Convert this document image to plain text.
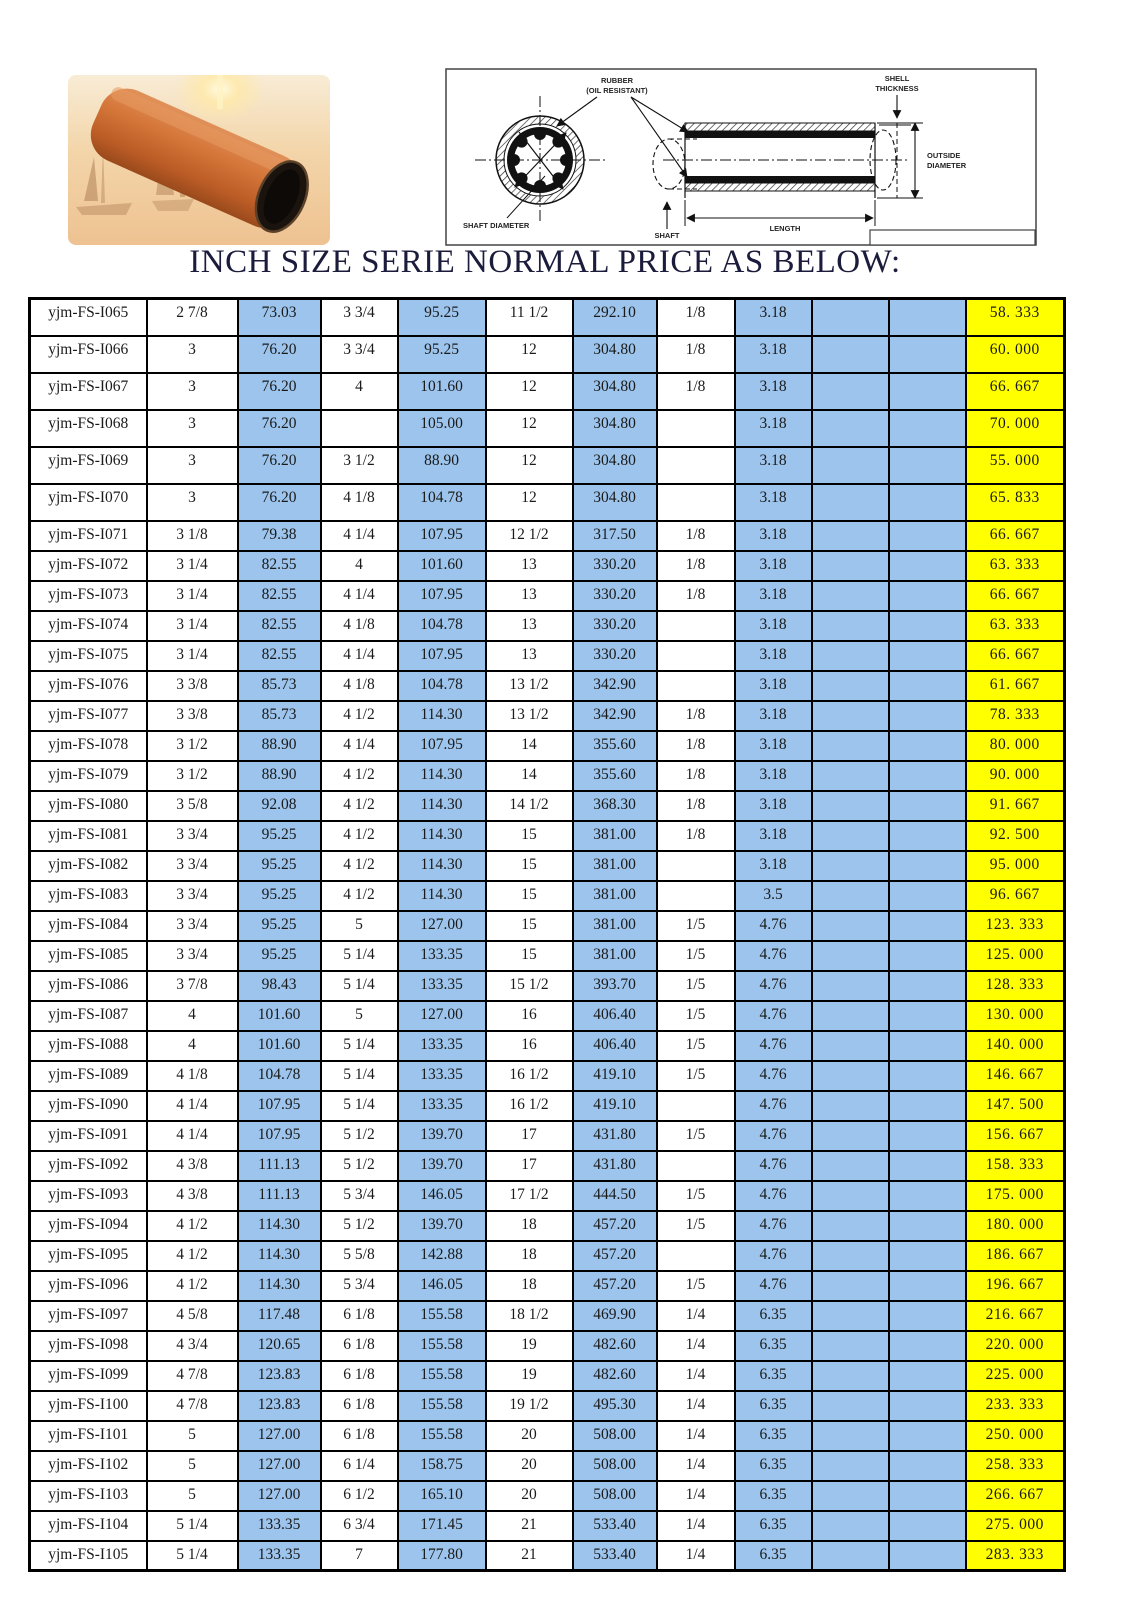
RUBBER
(OIL RESISTANT)
SHELL
THICKNESS
OUTSIDE
DIAMETER
LENGTH
SHAFT
SHAFT DIAMETER
INCH SIZE SERIE NORMAL PRICE AS BELOW:
yjm-FS-I065	2 7/8	73.03	3 3/4	95.25	11 1/2	292.10	1/8	3.18			58. 333
yjm-FS-I066	3	76.20	3 3/4	95.25	12	304.80	1/8	3.18			60. 000
yjm-FS-I067	3	76.20	4	101.60	12	304.80	1/8	3.18			66. 667
yjm-FS-I068	3	76.20		105.00	12	304.80		3.18			70. 000
yjm-FS-I069	3	76.20	3 1/2	88.90	12	304.80		3.18			55. 000
yjm-FS-I070	3	76.20	4 1/8	104.78	12	304.80		3.18			65. 833
yjm-FS-I071	3 1/8	79.38	4 1/4	107.95	12 1/2	317.50	1/8	3.18			66. 667
yjm-FS-I072	3 1/4	82.55	4	101.60	13	330.20	1/8	3.18			63. 333
yjm-FS-I073	3 1/4	82.55	4 1/4	107.95	13	330.20	1/8	3.18			66. 667
yjm-FS-I074	3 1/4	82.55	4 1/8	104.78	13	330.20		3.18			63. 333
yjm-FS-I075	3 1/4	82.55	4 1/4	107.95	13	330.20		3.18			66. 667
yjm-FS-I076	3 3/8	85.73	4 1/8	104.78	13 1/2	342.90		3.18			61. 667
yjm-FS-I077	3 3/8	85.73	4 1/2	114.30	13 1/2	342.90	1/8	3.18			78. 333
yjm-FS-I078	3 1/2	88.90	4 1/4	107.95	14	355.60	1/8	3.18			80. 000
yjm-FS-I079	3 1/2	88.90	4 1/2	114.30	14	355.60	1/8	3.18			90. 000
yjm-FS-I080	3 5/8	92.08	4 1/2	114.30	14 1/2	368.30	1/8	3.18			91. 667
yjm-FS-I081	3 3/4	95.25	4 1/2	114.30	15	381.00	1/8	3.18			92. 500
yjm-FS-I082	3 3/4	95.25	4 1/2	114.30	15	381.00		3.18			95. 000
yjm-FS-I083	3 3/4	95.25	4 1/2	114.30	15	381.00		3.5			96. 667
yjm-FS-I084	3 3/4	95.25	5	127.00	15	381.00	1/5	4.76			123. 333
yjm-FS-I085	3 3/4	95.25	5 1/4	133.35	15	381.00	1/5	4.76			125. 000
yjm-FS-I086	3 7/8	98.43	5 1/4	133.35	15 1/2	393.70	1/5	4.76			128. 333
yjm-FS-I087	4	101.60	5	127.00	16	406.40	1/5	4.76			130. 000
yjm-FS-I088	4	101.60	5 1/4	133.35	16	406.40	1/5	4.76			140. 000
yjm-FS-I089	4 1/8	104.78	5 1/4	133.35	16 1/2	419.10	1/5	4.76			146. 667
yjm-FS-I090	4 1/4	107.95	5 1/4	133.35	16 1/2	419.10		4.76			147. 500
yjm-FS-I091	4 1/4	107.95	5 1/2	139.70	17	431.80	1/5	4.76			156. 667
yjm-FS-I092	4 3/8	111.13	5 1/2	139.70	17	431.80		4.76			158. 333
yjm-FS-I093	4 3/8	111.13	5 3/4	146.05	17 1/2	444.50	1/5	4.76			175. 000
yjm-FS-I094	4 1/2	114.30	5 1/2	139.70	18	457.20	1/5	4.76			180. 000
yjm-FS-I095	4 1/2	114.30	5 5/8	142.88	18	457.20		4.76			186. 667
yjm-FS-I096	4 1/2	114.30	5 3/4	146.05	18	457.20	1/5	4.76			196. 667
yjm-FS-I097	4 5/8	117.48	6 1/8	155.58	18 1/2	469.90	1/4	6.35			216. 667
yjm-FS-I098	4 3/4	120.65	6 1/8	155.58	19	482.60	1/4	6.35			220. 000
yjm-FS-I099	4 7/8	123.83	6 1/8	155.58	19	482.60	1/4	6.35			225. 000
yjm-FS-I100	4 7/8	123.83	6 1/8	155.58	19 1/2	495.30	1/4	6.35			233. 333
yjm-FS-I101	5	127.00	6 1/8	155.58	20	508.00	1/4	6.35			250. 000
yjm-FS-I102	5	127.00	6 1/4	158.75	20	508.00	1/4	6.35			258. 333
yjm-FS-I103	5	127.00	6 1/2	165.10	20	508.00	1/4	6.35			266. 667
yjm-FS-I104	5 1/4	133.35	6 3/4	171.45	21	533.40	1/4	6.35			275. 000
yjm-FS-I105	5 1/4	133.35	7	177.80	21	533.40	1/4	6.35			283. 333
